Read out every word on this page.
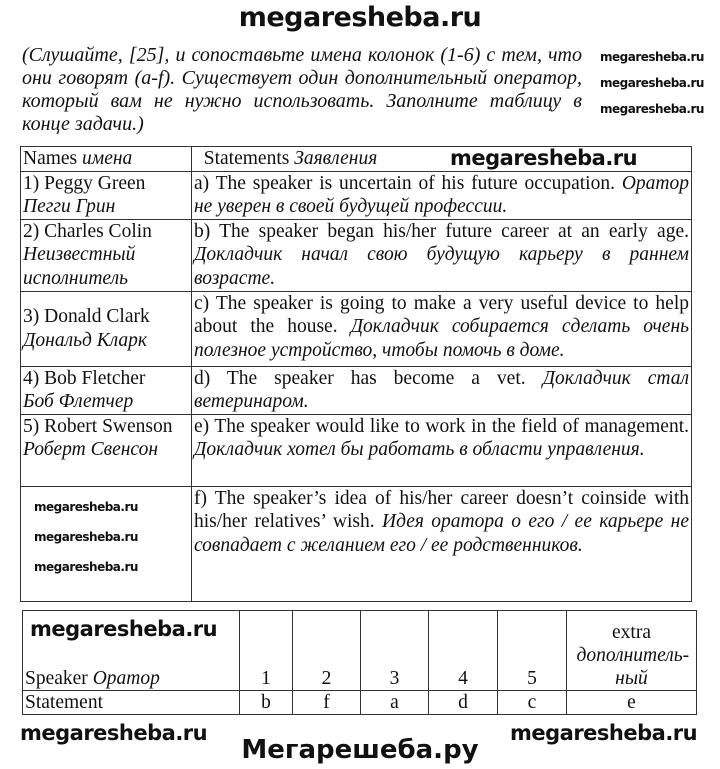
megaresheba.ru
(Слушайте, [25], и сопоставьте имена колонок (1-6) с тем, что они говорят (a-f). Существует один дополнительный оператор, который вам не нужно использовать. Заполните таблицу в конце задачи.)
Names имена	Statements Заявления
1) Peggy Green
Пегги Грин	a) The speaker is uncertain of his future occupation. Оратор не уверен в своей будущей профессии.
2) Charles Colin
Неизвестный исполнитель	b) The speaker began his/her future career at an early age. Докладчик начал свою будущую карьеру в раннем возрасте.
3) Donald Clark
Дональд Кларк	c) The speaker is going to make a very useful device to help about the house. Докладчик собирается сделать очень полезное устройство, чтобы помочь в доме.
4) Bob Fletcher
Боб Флетчер	d) The speaker has become a vet. Докладчик стал ветеринаром.
5) Robert Swenson
Роберт Свенсон	e) The speaker would like to work in the field of management. Докладчик хотел бы работать в области управления.
	f) The speaker’s idea of his/her career doesn’t coinside with his/her relatives’ wish. Идея оратора о его / ее карьере не совпадает с желанием его / ее родственников.
Speaker Оратор	1	2	3	4	5	extra
дополнитель-ный
Statement	b	f	a	d	c	e
megaresheba.ru
megaresheba.ru
megaresheba.ru
megaresheba.ru
megaresheba.ru
megaresheba.ru
megaresheba.ru
megaresheba.ru
megaresheba.ru	megaresheba.ru
Мегарешеба.ру
